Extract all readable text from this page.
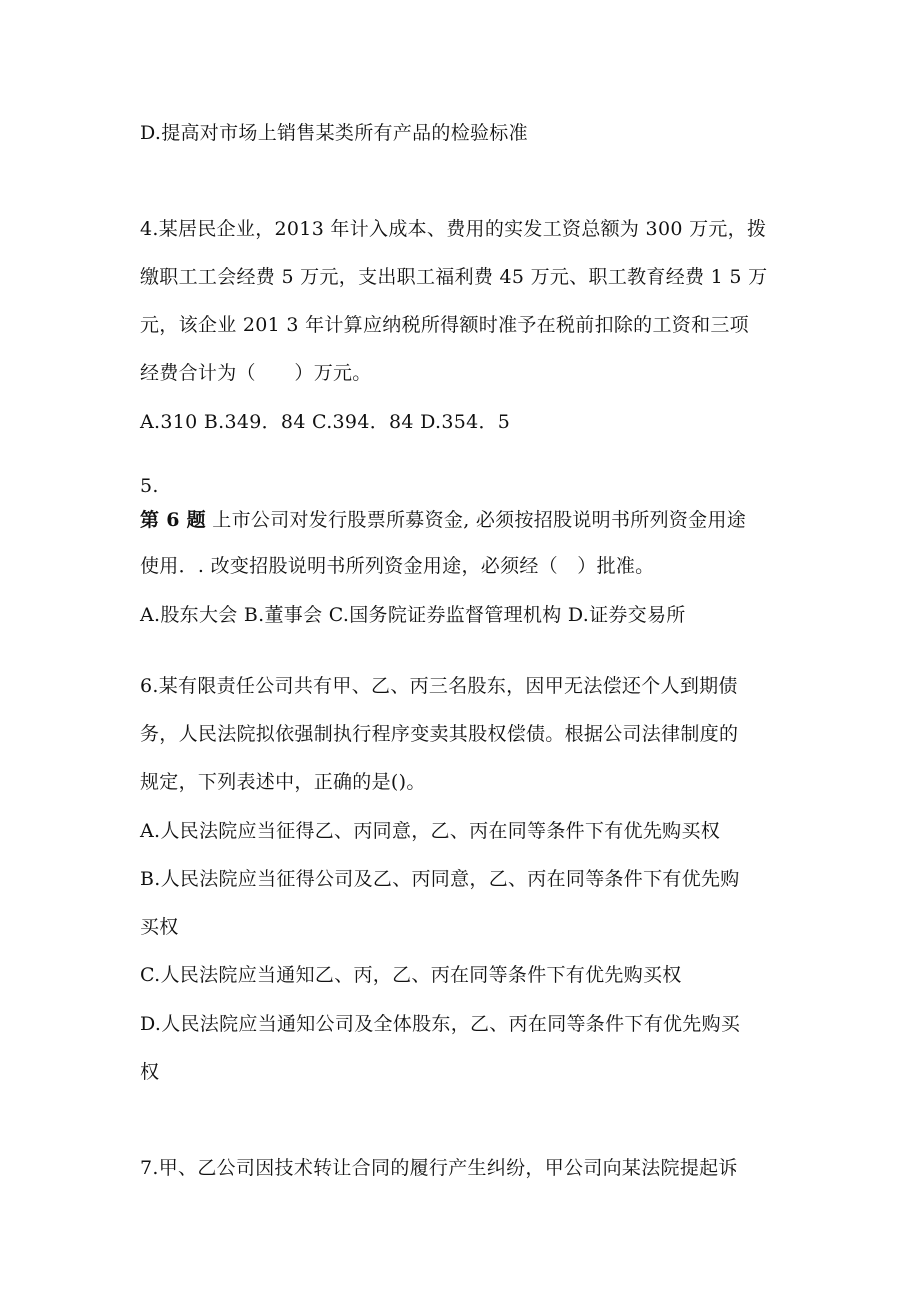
D.提高对市场上销售某类所有产品的检验标准
4.某居民企业，2013 年计入成本、费用的实发工资总额为 300 万元，拨
缴职工工会经费 5 万元，支出职工福利费 45 万元、职工教育经费 1 5 万
元，该企业 201 3 年计算应纳税所得额时准予在税前扣除的工资和三项
经费合计为（　　）万元。
A.310 B.349．84 C.394．84 D.354．5
5.
第 6 题 上市公司对发行股票所募资金, 必须按招股说明书所列资金用途
使用．. 改变招股说明书所列资金用途，必须经（　）批准。
A.股东大会 B.董事会 C.国务院证券监督管理机构 D.证券交易所
6.某有限责任公司共有甲、乙、丙三名股东，因甲无法偿还个人到期债
务，人民法院拟依强制执行程序变卖其股权偿债。根据公司法律制度的
规定，下列表述中，正确的是()。
A.人民法院应当征得乙、丙同意，乙、丙在同等条件下有优先购买权
B.人民法院应当征得公司及乙、丙同意，乙、丙在同等条件下有优先购
买权
C.人民法院应当通知乙、丙，乙、丙在同等条件下有优先购买权
D.人民法院应当通知公司及全体股东，乙、丙在同等条件下有优先购买
权
7.甲、乙公司因技术转让合同的履行产生纠纷，甲公司向某法院提起诉
